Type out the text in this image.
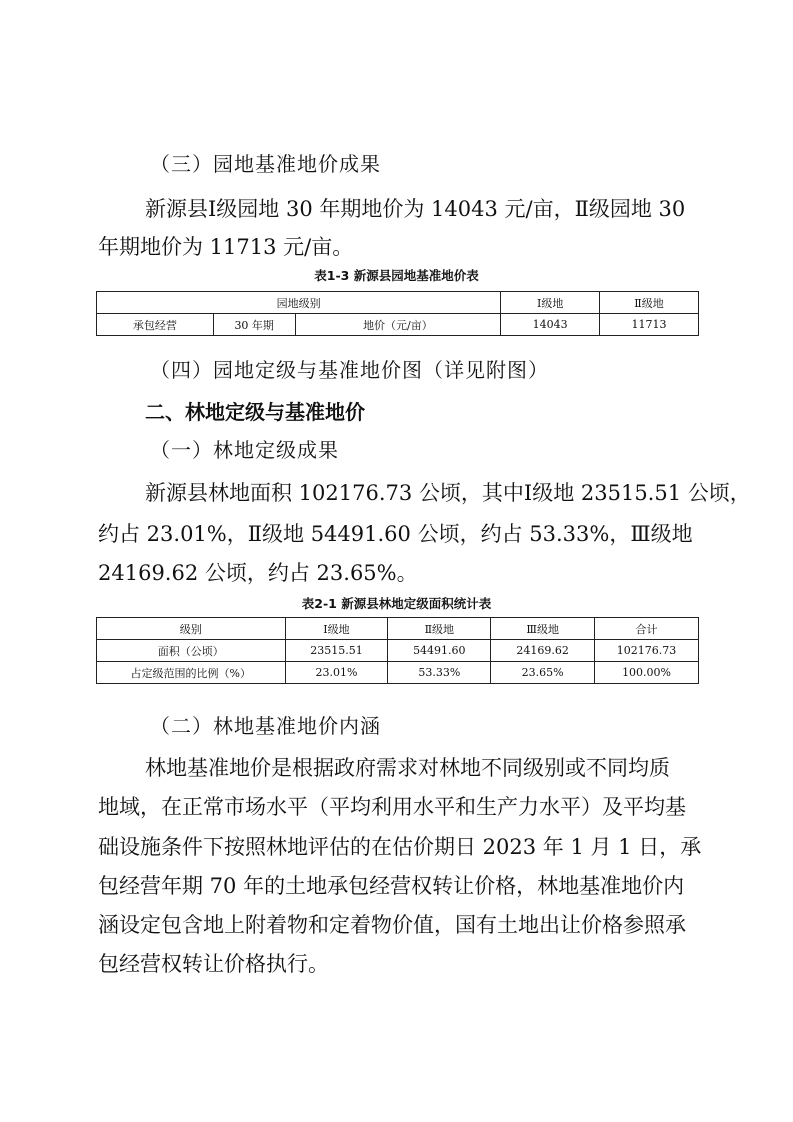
（三）园地基准地价成果
新源县Ⅰ级园地 30 年期地价为 14043 元/亩，Ⅱ级园地 30
年期地价为 11713 元/亩。
表1-3 新源县园地基准地价表
园地级别			Ⅰ级地	Ⅱ级地
承包经营	30 年期	地价（元/亩）	14043	11713
（四）园地定级与基准地价图（详见附图）
二、林地定级与基准地价
（一）林地定级成果
新源县林地面积 102176.73 公顷，其中Ⅰ级地 23515.51 公顷，
约占 23.01%，Ⅱ级地 54491.60 公顷，约占 53.33%，Ⅲ级地
24169.62 公顷，约占 23.65%。
表2-1 新源县林地定级面积统计表
级别	Ⅰ级地	Ⅱ级地	Ⅲ级地	合计
面积（公顷）	23515.51	54491.60	24169.62	102176.73
占定级范围的比例（%）	23.01%	53.33%	23.65%	100.00%
（二）林地基准地价内涵
林地基准地价是根据政府需求对林地不同级别或不同均质
地域，在正常市场水平（平均利用水平和生产力水平）及平均基
础设施条件下按照林地评估的在估价期日 2023 年 1 月 1 日，承
包经营年期 70 年的土地承包经营权转让价格，林地基准地价内
涵设定包含地上附着物和定着物价值，国有土地出让价格参照承
包经营权转让价格执行。
